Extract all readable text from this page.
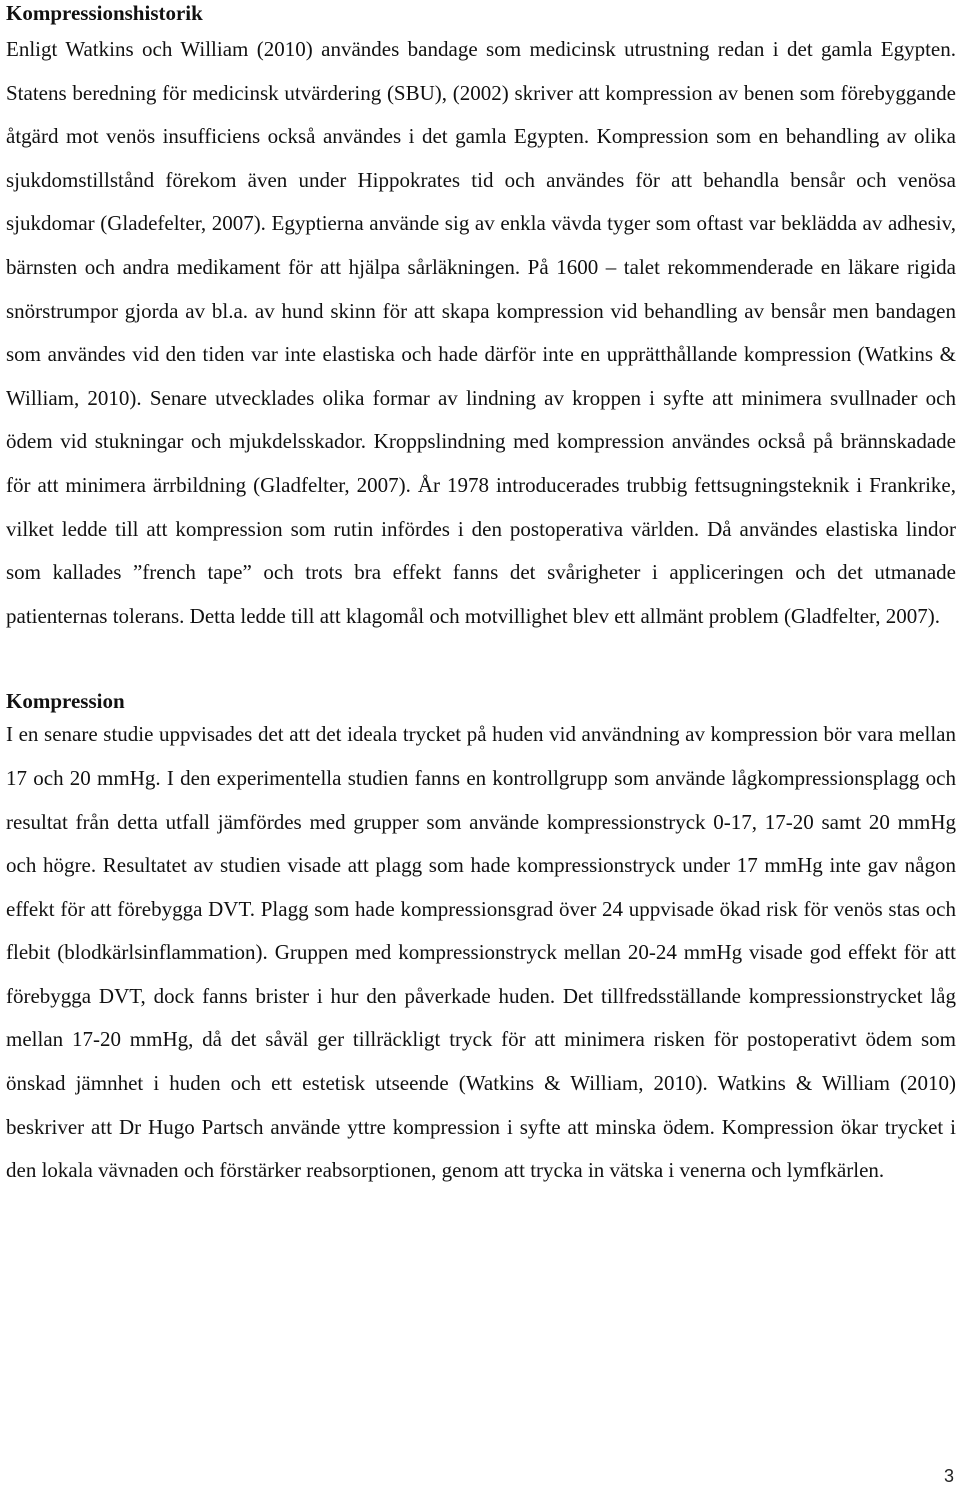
Kompressionshistorik

Enligt Watkins och William (2010) användes bandage som medicinsk utrustning redan i det gamla Egypten. Statens beredning för medicinsk utvärdering (SBU), (2002) skriver att kompression av benen som förebyggande åtgärd mot venös insufficiens också användes i det gamla Egypten. Kompression som en behandling av olika sjukdomstillstånd förekom även under Hippokrates tid och användes för att behandla bensår och venösa sjukdomar (Gladefelter, 2007). Egyptierna använde sig av enkla vävda tyger som oftast var beklädda av adhesiv, bärnsten och andra medikament för att hjälpa sårläkningen. På 1600 – talet rekommenderade en läkare rigida snörstrumpor gjorda av bl.a. av hund skinn för att skapa kompression vid behandling av bensår men bandagen som användes vid den tiden var inte elastiska och hade därför inte en upprätthållande kompression (Watkins & William, 2010). Senare utvecklades olika formar av lindning av kroppen i syfte att minimera svullnader och ödem vid stukningar och mjukdelsskador. Kroppslindning med kompression användes också på brännskadade för att minimera ärrbildning (Gladfelter, 2007). År 1978 introducerades trubbig fettsugningsteknik i Frankrike, vilket ledde till att kompression som rutin infördes i den postoperativa världen. Då användes elastiska lindor som kallades ”french tape” och trots bra effekt fanns det svårigheter i appliceringen och det utmanade patienternas tolerans. Detta ledde till att klagomål och motvillighet blev ett allmänt problem (Gladfelter, 2007).

Kompression

I en senare studie uppvisades det att det ideala trycket på huden vid användning av kompression bör vara mellan 17 och 20 mmHg. I den experimentella studien fanns en kontrollgrupp som använde lågkompressionsplagg och resultat från detta utfall jämfördes med grupper som använde kompressionstryck 0-17, 17-20 samt 20 mmHg och högre. Resultatet av studien visade att plagg som hade kompressionstryck under 17 mmHg inte gav någon effekt för att förebygga DVT. Plagg som hade kompressionsgrad över 24 uppvisade ökad risk för venös stas och flebit (blodkärlsinflammation). Gruppen med kompressionstryck mellan 20-24 mmHg visade god effekt för att förebygga DVT, dock fanns brister i hur den påverkade huden. Det tillfredsställande kompressionstrycket låg mellan 17-20 mmHg, då det såväl ger tillräckligt tryck för att minimera risken för postoperativt ödem som önskad jämnhet i huden och ett estetisk utseende (Watkins & William, 2010). Watkins & William (2010) beskriver att Dr Hugo Partsch använde yttre kompression i syfte att minska ödem. Kompression ökar trycket i den lokala vävnaden och förstärker reabsorptionen, genom att trycka in vätska i venerna och lymfkärlen.

3
